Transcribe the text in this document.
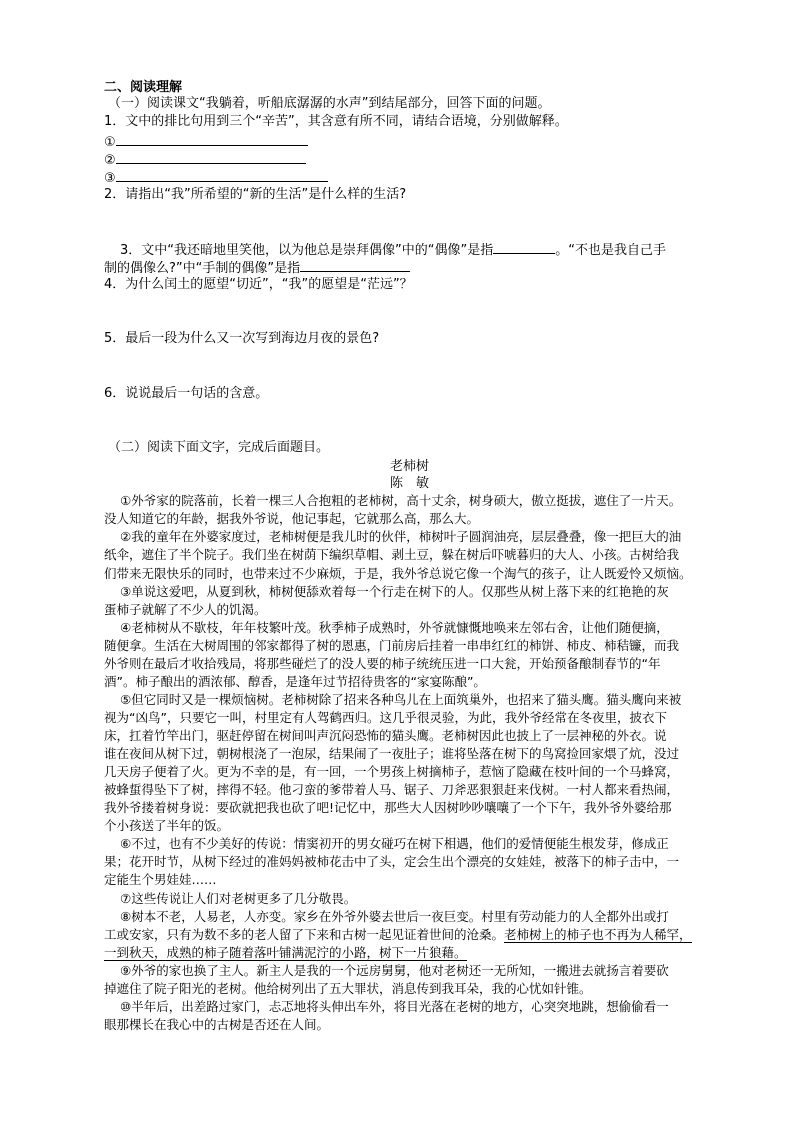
二、阅读理解
（一）阅读课文“我躺着，听船底潺潺的水声”到结尾部分，回答下面的问题。
1．文中的排比句用到三个“辛苦”，其含意有所不同，请结合语境，分别做解释。
①
②
③
2．请指出“我”所希望的“新的生活”是什么样的生活?
3．文中“我还暗地里笑他，以为他总是崇拜偶像”中的“偶像”是指	。“不也是我自己手
制的偶像么?”中“手制的偶像”是指
4．为什么闰土的愿望“切近”，“我”的愿望是“茫远”？
5．最后一段为什么又一次写到海边月夜的景色?
6．说说最后一句话的含意。
（二）阅读下面文字，完成后面题目。
老柿树
陈　敏
①外爷家的院落前，长着一棵三人合抱粗的老柿树，高十丈余，树身硕大，傲立挺拔，遮住了一片天。
没人知道它的年龄，据我外爷说，他记事起，它就那么高，那么大。
②我的童年在外婆家度过，老柿树便是我儿时的伙伴，柿树叶子圆润油亮，层层叠叠，像一把巨大的油
纸伞，遮住了半个院子。我们坐在树荫下编织草帽、剥土豆，躲在树后吓唬暮归的大人、小孩。古树给我
们带来无限快乐的同时，也带来过不少麻烦，于是，我外爷总说它像一个淘气的孩子，让人既爱怜又烦恼。
③单说这爱吧，从夏到秋，柿树便舔欢着每一个行走在树下的人。仅那些从树上落下来的红艳艳的灰
蛋柿子就解了不少人的饥渴。
④老柿树从不歇枝，年年枝繁叶茂。秋季柿子成熟时，外爷就慷慨地唤来左邻右舍，让他们随便摘，
随便拿。生活在大树周围的邻家都得了树的恩惠，门前房后挂着一串串红红的柿饼、柿皮、柿秸镰，而我
外爷则在最后才收拾残局，将那些碰烂了的没人要的柿子统统压进一口大瓮，开始预备酿制春节的“年
酒”。柿子酿出的酒浓郁、醇香，是逢年过节招待贵客的“家宴陈酿”。
⑤但它同时又是一棵烦恼树。老柿树除了招来各种鸟儿在上面筑巢外，也招来了猫头鹰。猫头鹰向来被
视为“凶鸟”，只要它一叫，村里定有人驾鹤西归。这几乎很灵验，为此，我外爷经常在冬夜里，披衣下
床，扛着竹竿出门，驱赶停留在树间叫声沉闷恐怖的猫头鹰。老柿树因此也披上了一层神秘的外衣。说
谁在夜间从树下过，朝树根浇了一泡尿，结果闹了一夜肚子；谁将坠落在树下的鸟窝捡回家煨了炕，没过
几天房子便着了火。更为不幸的是，有一回，一个男孩上树摘柿子，惹恼了隐藏在枝叶间的一个马蜂窝，
被蜂蜇得坠下了树，摔得不轻。他刁蛮的爹带着人马、锯子、刀斧恶狠狠赶来伐树。一村人都来看热闹，
我外爷搂着树身说：要砍就把我也砍了吧!记忆中，那些大人因树吵吵嚷嚷了一个下午，我外爷外婆给那
个小孩送了半年的饭。
⑥不过，也有不少美好的传说：情窦初开的男女碰巧在树下相遇，他们的爱情便能生根发芽，修成正
果；花开时节，从树下经过的准妈妈被柿花击中了头，定会生出个漂亮的女娃娃，被落下的柿子击中，一
定能生个男娃娃……
⑦这些传说让人们对老树更多了几分敬畏。
⑧树本不老，人易老，人亦变。家乡在外爷外婆去世后一夜巨变。村里有劳动能力的人全都外出或打
工或安家，只有为数不多的老人留了下来和古树一起见证着世间的沧桑。老柿树上的柿子也不再为人稀罕，
一到秋天，成熟的柿子随着落叶铺满泥泞的小路，树下一片狼藉。
⑨外爷的家也换了主人。新主人是我的一个远房舅舅，他对老树还一无所知，一搬进去就扬言着要砍
掉遮住了院子阳光的老树。他给树列出了五大罪状，消息传到我耳朵，我的心忧如针锥。
⑩半年后，出差路过家门，忐忑地将头伸出车外，将目光落在老树的地方，心突突地跳，想偷偷看一
眼那棵长在我心中的古树是否还在人间。
